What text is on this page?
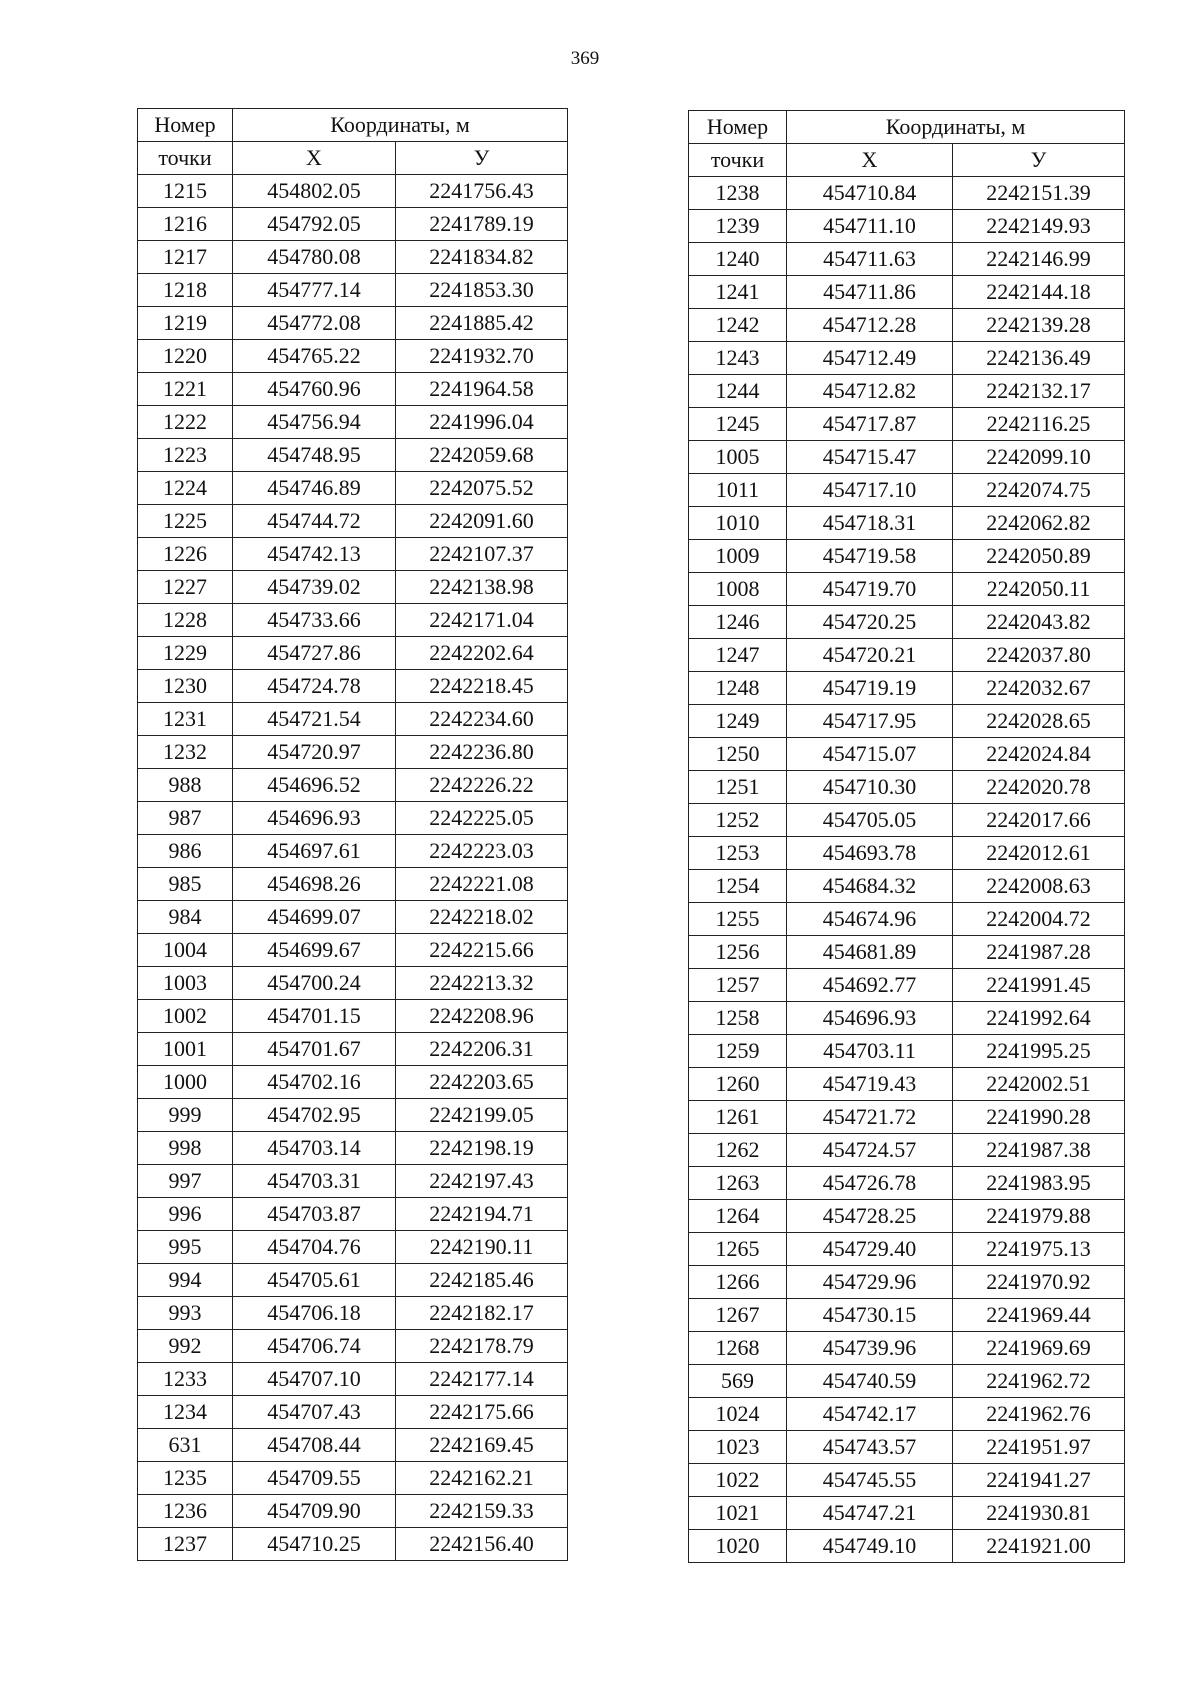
369
Номер	Координаты, м	
точки	X	У
1215	454802.05	2241756.43
1216	454792.05	2241789.19
1217	454780.08	2241834.82
1218	454777.14	2241853.30
1219	454772.08	2241885.42
1220	454765.22	2241932.70
1221	454760.96	2241964.58
1222	454756.94	2241996.04
1223	454748.95	2242059.68
1224	454746.89	2242075.52
1225	454744.72	2242091.60
1226	454742.13	2242107.37
1227	454739.02	2242138.98
1228	454733.66	2242171.04
1229	454727.86	2242202.64
1230	454724.78	2242218.45
1231	454721.54	2242234.60
1232	454720.97	2242236.80
988	454696.52	2242226.22
987	454696.93	2242225.05
986	454697.61	2242223.03
985	454698.26	2242221.08
984	454699.07	2242218.02
1004	454699.67	2242215.66
1003	454700.24	2242213.32
1002	454701.15	2242208.96
1001	454701.67	2242206.31
1000	454702.16	2242203.65
999	454702.95	2242199.05
998	454703.14	2242198.19
997	454703.31	2242197.43
996	454703.87	2242194.71
995	454704.76	2242190.11
994	454705.61	2242185.46
993	454706.18	2242182.17
992	454706.74	2242178.79
1233	454707.10	2242177.14
1234	454707.43	2242175.66
631	454708.44	2242169.45
1235	454709.55	2242162.21
1236	454709.90	2242159.33
1237	454710.25	2242156.40
Номер	Координаты, м	
точки	X	У
1238	454710.84	2242151.39
1239	454711.10	2242149.93
1240	454711.63	2242146.99
1241	454711.86	2242144.18
1242	454712.28	2242139.28
1243	454712.49	2242136.49
1244	454712.82	2242132.17
1245	454717.87	2242116.25
1005	454715.47	2242099.10
1011	454717.10	2242074.75
1010	454718.31	2242062.82
1009	454719.58	2242050.89
1008	454719.70	2242050.11
1246	454720.25	2242043.82
1247	454720.21	2242037.80
1248	454719.19	2242032.67
1249	454717.95	2242028.65
1250	454715.07	2242024.84
1251	454710.30	2242020.78
1252	454705.05	2242017.66
1253	454693.78	2242012.61
1254	454684.32	2242008.63
1255	454674.96	2242004.72
1256	454681.89	2241987.28
1257	454692.77	2241991.45
1258	454696.93	2241992.64
1259	454703.11	2241995.25
1260	454719.43	2242002.51
1261	454721.72	2241990.28
1262	454724.57	2241987.38
1263	454726.78	2241983.95
1264	454728.25	2241979.88
1265	454729.40	2241975.13
1266	454729.96	2241970.92
1267	454730.15	2241969.44
1268	454739.96	2241969.69
569	454740.59	2241962.72
1024	454742.17	2241962.76
1023	454743.57	2241951.97
1022	454745.55	2241941.27
1021	454747.21	2241930.81
1020	454749.10	2241921.00
